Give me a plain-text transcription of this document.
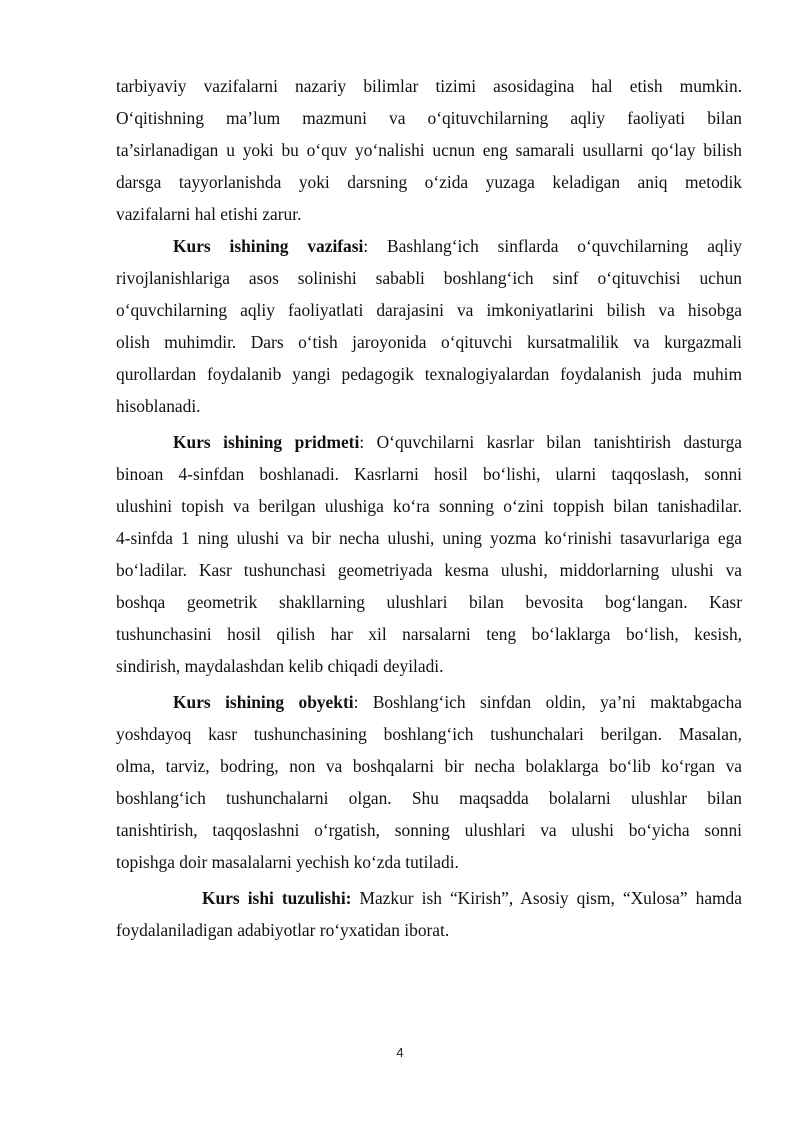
tarbiyaviy vazifalarni nazariy bilimlar tizimi asosidagina hal etish mumkin.
O‘qitishning ma’lum mazmuni va o‘qituvchilarning aqliy faoliyati bilan
ta’sirlanadigan u yoki bu o‘quv yo‘nalishi ucnun eng samarali usullarni qo‘lay bilish
darsga tayyorlanishda yoki darsning o‘zida yuzaga keladigan aniq metodik
vazifalarni hal etishi zarur.
Kurs ishining vazifasi: Bashlang‘ich sinflarda o‘quvchilarning aqliy
rivojlanishlariga asos solinishi sababli boshlang‘ich sinf o‘qituvchisi uchun
o‘quvchilarning aqliy faoliyatlati darajasini va imkoniyatlarini bilish va hisobga
olish muhimdir. Dars o‘tish jaroyonida o‘qituvchi kursatmalilik va kurgazmali
qurollardan foydalanib yangi pedagogik texnalogiyalardan foydalanish juda muhim
hisoblanadi.
Kurs ishining pridmeti: O‘quvchilarni kasrlar bilan tanishtirish dasturga
binoan 4-sinfdan boshlanadi. Kasrlarni hosil bo‘lishi, ularni taqqoslash, sonni
ulushini topish va berilgan ulushiga ko‘ra sonning o‘zini toppish bilan tanishadilar.
4-sinfda 1 ning ulushi va bir necha ulushi, uning yozma ko‘rinishi tasavurlariga ega
bo‘ladilar. Kasr tushunchasi geometriyada kesma ulushi, middorlarning ulushi va
boshqa geometrik shakllarning ulushlari bilan bevosita bog‘langan. Kasr
tushunchasini hosil qilish har xil narsalarni teng bo‘laklarga bo‘lish, kesish,
sindirish, maydalashdan kelib chiqadi deyiladi.
Kurs ishining obyekti: Boshlang‘ich sinfdan oldin, ya’ni maktabgacha
yoshdayoq kasr tushunchasining boshlang‘ich tushunchalari berilgan. Masalan,
olma, tarviz, bodring, non va boshqalarni bir necha bolaklarga bo‘lib ko‘rgan va
boshlang‘ich tushunchalarni olgan. Shu maqsadda bolalarni ulushlar bilan
tanishtirish, taqqoslashni o‘rgatish, sonning ulushlari va ulushi bo‘yicha sonni
topishga doir masalalarni yechish ko‘zda tutiladi.
Kurs ishi tuzulishi: Mazkur ish “Kirish”, Asosiy qism, “Xulosa” hamda
foydalaniladigan adabiyotlar ro‘yxatidan iborat.
4
